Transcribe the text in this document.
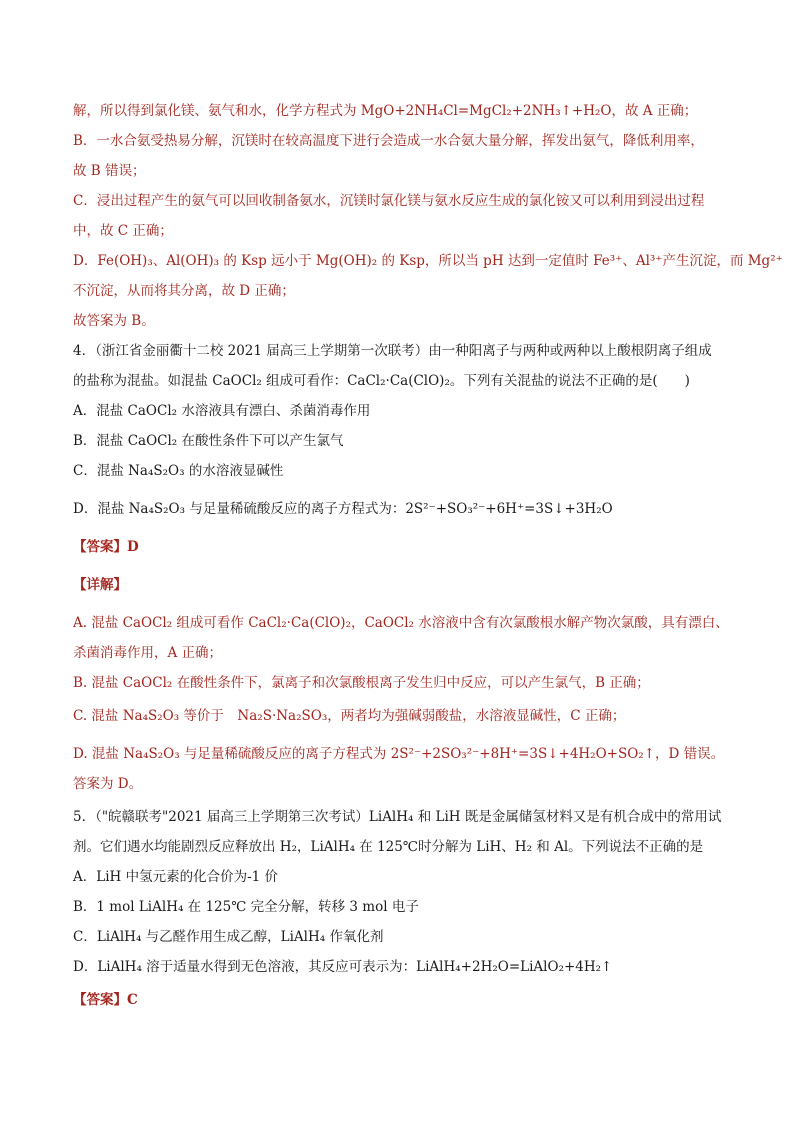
解，所以得到氯化镁、氨气和水，化学方程式为 MgO+2NH₄Cl=MgCl₂+2NH₃↑+H₂O，故 A 正确；
B．一水合氨受热易分解，沉镁时在较高温度下进行会造成一水合氨大量分解，挥发出氨气，降低利用率，
故 B 错误；
C．浸出过程产生的氨气可以回收制备氨水，沉镁时氯化镁与氨水反应生成的氯化铵又可以利用到浸出过程
中，故 C 正确；
D．Fe(OH)₃、Al(OH)₃ 的 Ksp 远小于 Mg(OH)₂ 的 Ksp，所以当 pH 达到一定值时 Fe³⁺、Al³⁺产生沉淀，而 Mg²⁺
不沉淀，从而将其分离，故 D 正确；
故答案为 B。
4．（浙江省金丽衢十二校 2021 届高三上学期第一次联考）由一种阳离子与两种或两种以上酸根阴离子组成
的盐称为混盐。如混盐 CaOCl₂ 组成可看作：CaCl₂·Ca(ClO)₂。下列有关混盐的说法不正确的是(　　)
A．混盐 CaOCl₂ 水溶液具有漂白、杀菌消毒作用
B．混盐 CaOCl₂ 在酸性条件下可以产生氯气
C．混盐 Na₄S₂O₃ 的水溶液显碱性
D．混盐 Na₄S₂O₃ 与足量稀硫酸反应的离子方程式为：2S²⁻+SO₃²⁻+6H⁺=3S↓+3H₂O
【答案】D
【详解】
A. 混盐 CaOCl₂ 组成可看作 CaCl₂·Ca(ClO)₂，CaOCl₂ 水溶液中含有次氯酸根水解产物次氯酸，具有漂白、
杀菌消毒作用，A 正确；
B. 混盐 CaOCl₂ 在酸性条件下，氯离子和次氯酸根离子发生归中反应，可以产生氯气，B 正确；
C. 混盐 Na₄S₂O₃ 等价于　Na₂S·Na₂SO₃，两者均为强碱弱酸盐，水溶液显碱性，C 正确；
D. 混盐 Na₄S₂O₃ 与足量稀硫酸反应的离子方程式为 2S²⁻+2SO₃²⁻+8H⁺=3S↓+4H₂O+SO₂↑，D 错误。
答案为 D。
5．（"皖赣联考"2021 届高三上学期第三次考试）LiAlH₄ 和 LiH 既是金属储氢材料又是有机合成中的常用试
剂。它们遇水均能剧烈反应释放出 H₂，LiAlH₄ 在 125℃时分解为 LiH、H₂ 和 Al。下列说法不正确的是
A．LiH 中氢元素的化合价为-1 价
B．1 mol LiAlH₄ 在 125℃ 完全分解，转移 3 mol 电子
C．LiAlH₄ 与乙醛作用生成乙醇，LiAlH₄ 作氧化剂
D．LiAlH₄ 溶于适量水得到无色溶液，其反应可表示为：LiAlH₄+2H₂O=LiAlO₂+4H₂↑
【答案】C
